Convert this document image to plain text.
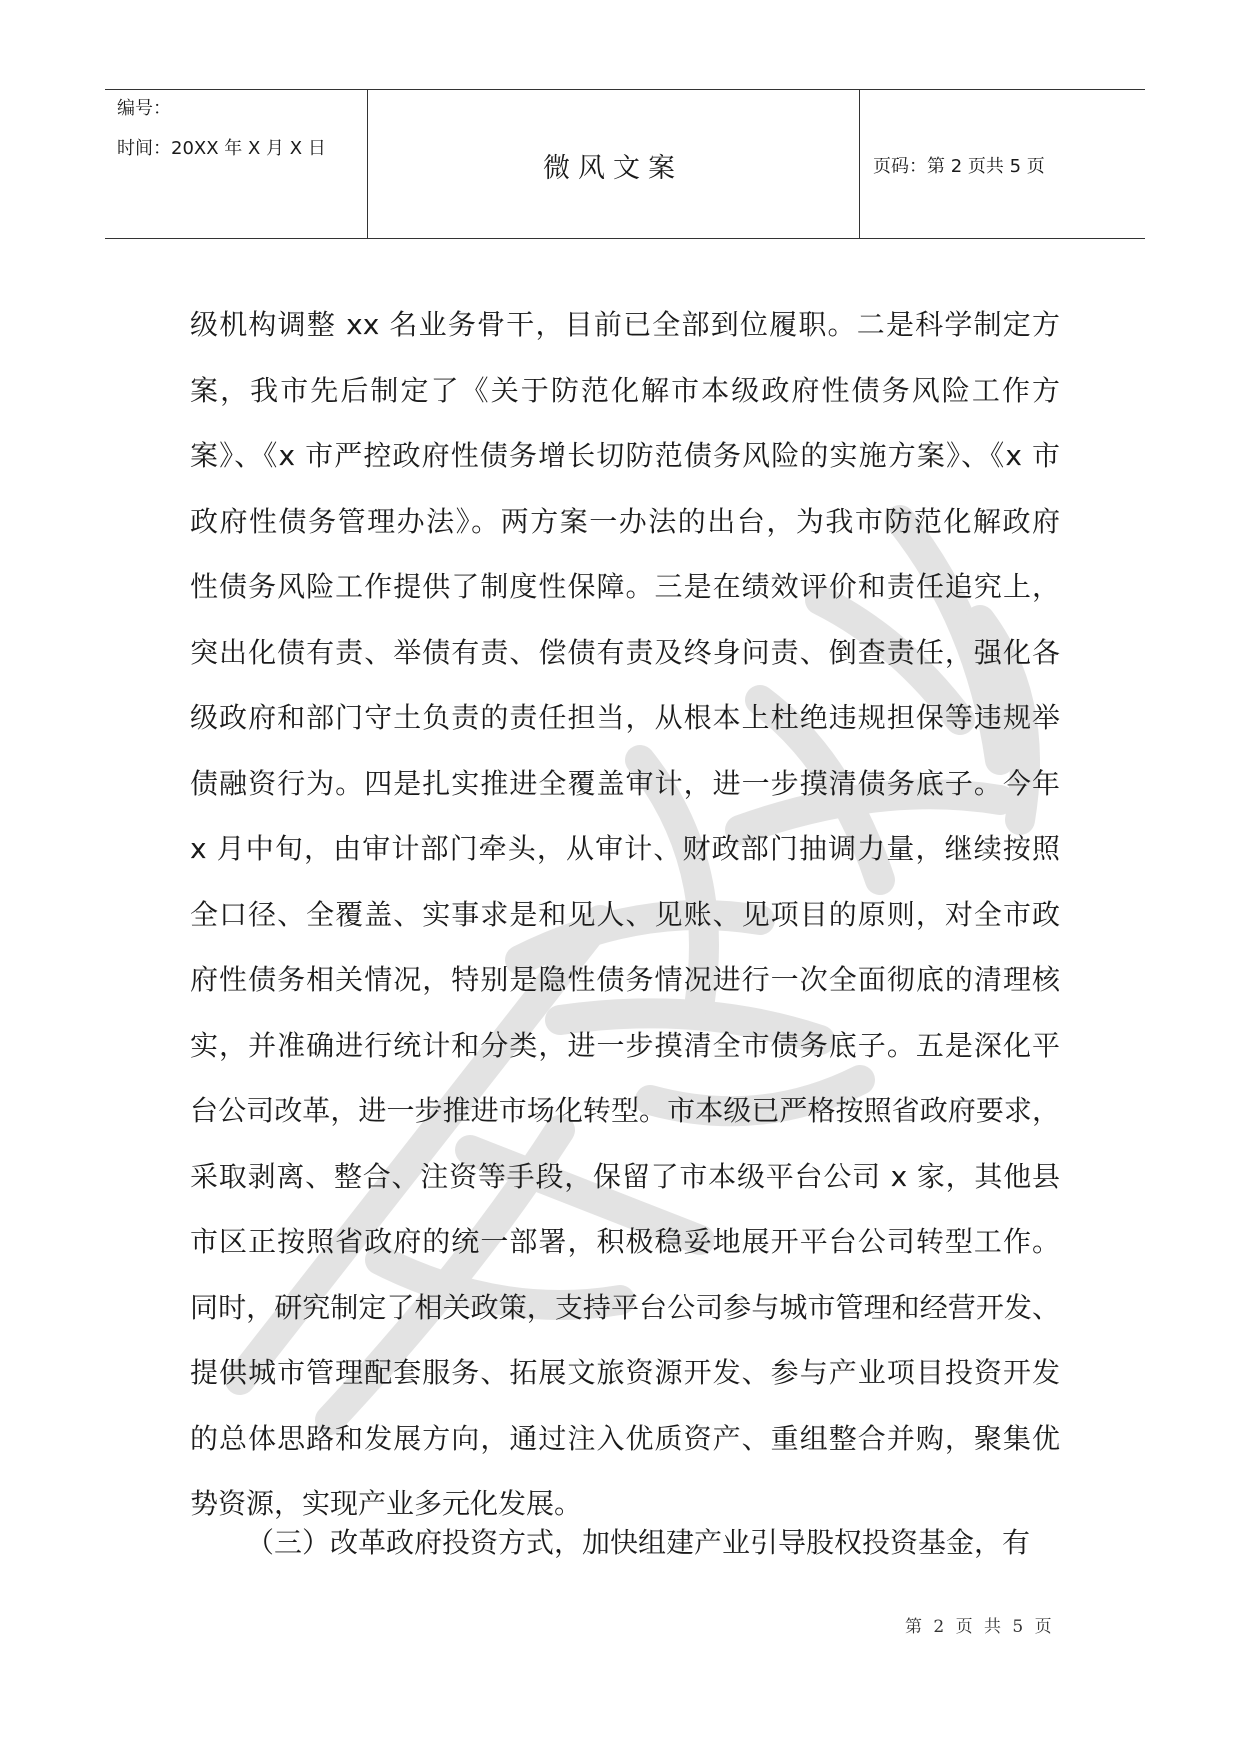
编号：
时间：20XX 年 X 月 X 日
微风文案	页码：第 2 页共 5 页
级机构调整 xx 名业务骨干，目前已全部到位履职。二是科学制定方
案，我市先后制定了《关于防范化解市本级政府性债务风险工作方
案》、《x 市严控政府性债务增长切防范债务风险的实施方案》、《x 市
政府性债务管理办法》。两方案一办法的出台，为我市防范化解政府
性债务风险工作提供了制度性保障。三是在绩效评价和责任追究上，
突出化债有责、举债有责、偿债有责及终身问责、倒查责任，强化各
级政府和部门守土负责的责任担当，从根本上杜绝违规担保等违规举
债融资行为。四是扎实推进全覆盖审计，进一步摸清债务底子。今年
x 月中旬，由审计部门牵头，从审计、财政部门抽调力量，继续按照
全口径、全覆盖、实事求是和见人、见账、见项目的原则，对全市政
府性债务相关情况，特别是隐性债务情况进行一次全面彻底的清理核
实，并准确进行统计和分类，进一步摸清全市债务底子。五是深化平
台公司改革，进一步推进市场化转型。市本级已严格按照省政府要求，
采取剥离、整合、注资等手段，保留了市本级平台公司 x 家，其他县
市区正按照省政府的统一部署，积极稳妥地展开平台公司转型工作。
同时，研究制定了相关政策，支持平台公司参与城市管理和经营开发、
提供城市管理配套服务、拓展文旅资源开发、参与产业项目投资开发
的总体思路和发展方向，通过注入优质资产、重组整合并购，聚集优
势资源，实现产业多元化发展。

（三）改革政府投资方式，加快组建产业引导股权投资基金，有

第 2 页 共 5 页
